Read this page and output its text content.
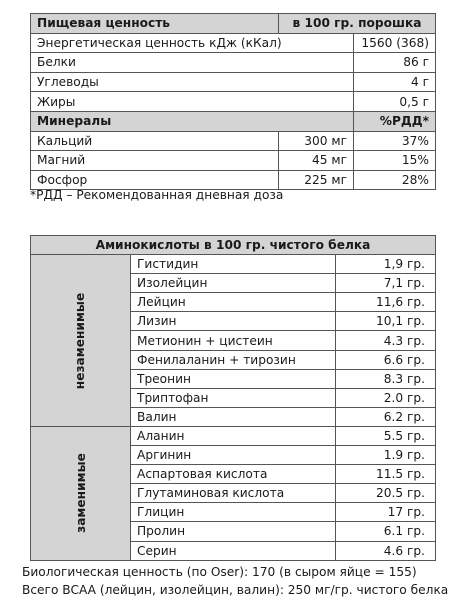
Пищевая ценность	в 100 гр. порошка	
Энергетическая ценность кДж (кКал)		1560 (368)
Белки		86 г
Углеводы		4 г
Жиры		0,5 г
Минералы		%РДД*
Кальций	300 мг	37%
Магний	45 мг	15%
Фосфор	225 мг	28%
*РДД – Рекомендованная дневная доза
Аминокислоты в 100 гр. чистого белка		
незаменимые	Гистидин	1,9 гр.
	Изолейцин	7,1 гр.
	Лейцин	11,6 гр.
	Лизин	10,1 гр.
	Метионин + цистеин	4.3 гр.
	Фенилаланин + тирозин	6.6 гр.
	Треонин	8.3 гр.
	Триптофан	2.0 гр.
	Валин	6.2 гр.
заменимые	Аланин	5.5 гр.
	Аргинин	1.9 гр.
	Аспартовая кислота	11.5 гр.
	Глутаминовая кислота	20.5 гр.
	Глицин	17 гр.
	Пролин	6.1 гр.
	Серин	4.6 гр.
Биологическая ценность (по Oser): 170 (в сыром яйце = 155)
Всего BCAA (лейцин, изолейцин, валин): 250 мг/гр. чистого белка
